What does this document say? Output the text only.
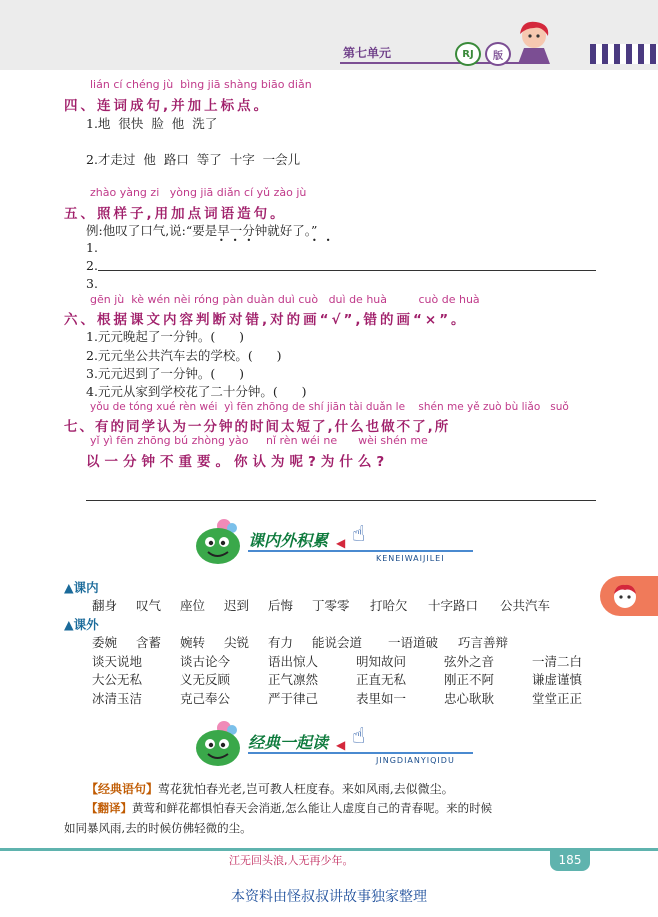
第七单元	RJ	版
lián cí chéng jù  bìng jiā shàng biāo diǎn
四、连词成句,并加上标点。
1.地  很快  脸  他  洗了
2.才走过  他  路口  等了  十字  一会儿
zhào yàng zi   yòng jiā diǎn cí yǔ zào jù
五、照样子,用加点词语造句。
例:他叹了口气,说:“要是早一分钟就好了。”
•••	••
1.
2.
3.
gēn jù  kè wén nèi róng pàn duàn duì cuò   duì de huà         cuò de huà
六、根据课文内容判断对错,对的画“√”,错的画“×”。
1.元元晚起了一分钟。(      )
2.元元坐公共汽车去的学校。(      )
3.元元迟到了一分钟。(      )
4.元元从家到学校花了二十分钟。(      )
yǒu de tóng xué rèn wéi  yì fēn zhōng de shí jiān tài duǎn le    shén me yě zuò bù liǎo   suǒ
七、有的同学认为一分钟的时间太短了,什么也做不了,所
yǐ yì fēn zhōng bú zhòng yào     nǐ rèn wéi ne      wèi shén me
以一分钟不重要。你认为呢?为什么?
课内外积累 ◀ ☝
KENEIWAIJILEI
▲课内
翻身 叹气 座位 迟到 后悔 丁零零 打哈欠 十字路口 公共汽车
▲课外
委婉 含蓄 婉转 尖锐 有力 能说会道 一语道破 巧言善辩
谈天说地	谈古论今	语出惊人	明知故问	弦外之音	一清二白
大公无私	义无反顾	正气凛然	正直无私	刚正不阿	谦虚谨慎
冰清玉洁	克己奉公	严于律己	表里如一	忠心耿耿	堂堂正正
经典一起读 ◀ ☝
JINGDIANYIQIDU
【经典语句】莺花犹怕春光老,岂可教人枉度春。来如风雨,去似微尘。
【翻译】黄莺和鲜花都惧怕春天会消逝,怎么能让人虚度自己的青春呢。来的时候
如同暴风雨,去的时候仿佛轻微的尘。
江无回头浪,人无再少年。	185
本资料由怪叔叔讲故事独家整理
